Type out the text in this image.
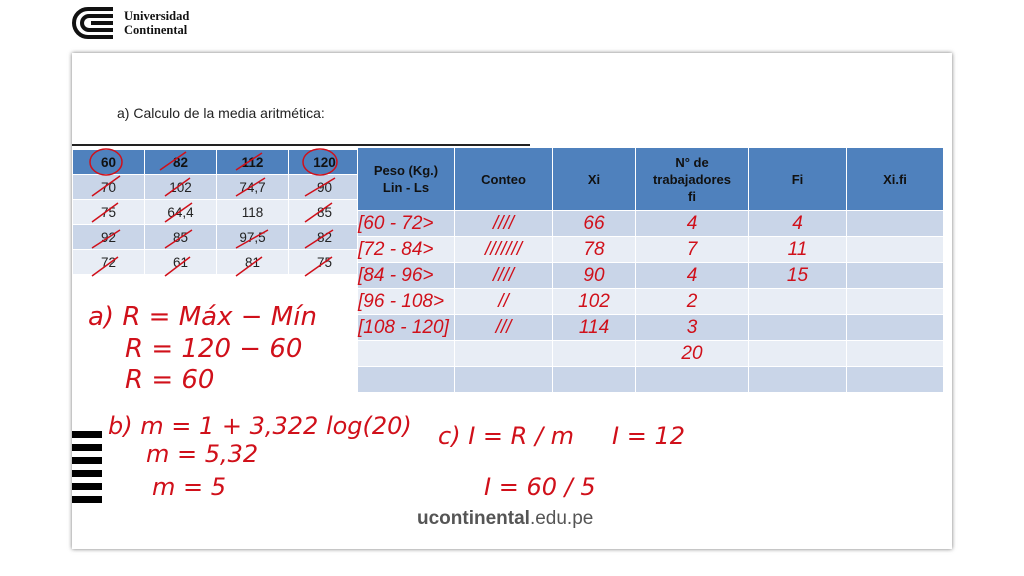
Universidad
Continental
a) Calculo de la media aritmética:
60	82	112	120
70	102	74,7	90
75	64,4	118	85
92	85	97,5	82
72	61	81	75
Peso (Kg.)
Lin - Ls	Conteo	Xi	N° de
trabajadores
fi	Fi	Xi.fi
[60 - 72>	////	66	4	4	
[72 - 84>	///////	78	7	11	
[84 - 96>	////	90	4	15	
[96 - 108>	//	102	2		
[108 - 120]	///	114	3		
			20		

ucontinental.edu.pe
a) R = Máx − Mín
R = 120 − 60
R = 60
b) m = 1 + 3,322 log(20)
m = 5,32
m = 5
c) I = R / m I = 12
I = 60 / 5
